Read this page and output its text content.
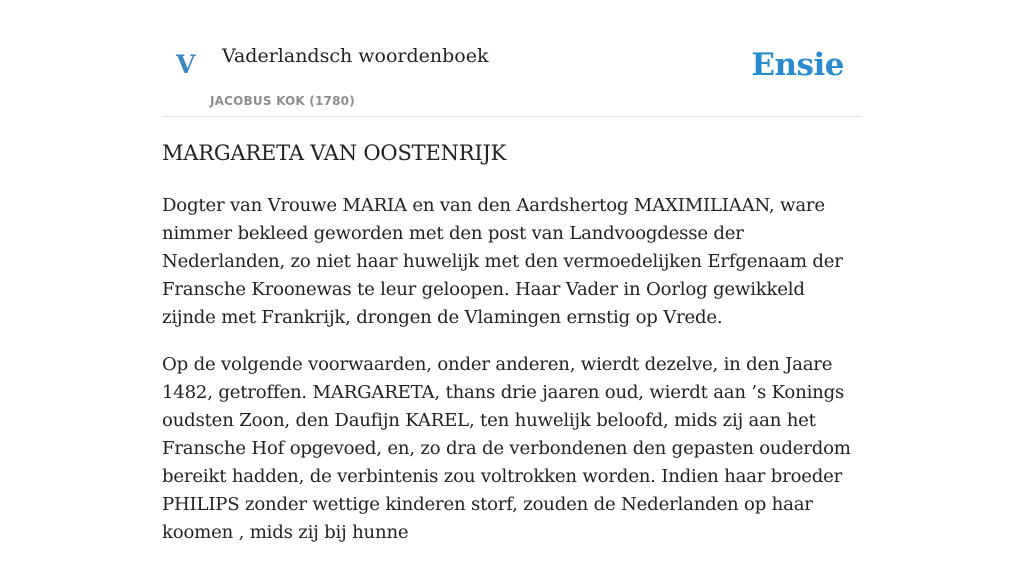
V Vaderlandsch woordenboek
JACOBUS KOK (1780)
Ensie
MARGARETA VAN OOSTENRIJK

Dogter van Vrouwe MARIA en van den Aardshertog MAXIMILIAAN, ware nimmer bekleed geworden met den post van Landvoogdesse der Nederlanden, zo niet haar huwelijk met den vermoedelijken Erfgenaam der Fransche Kroonewas te leur geloopen. Haar Vader in Oorlog gewikkeld zijnde met Frankrijk, drongen de Vlamingen ernstig op Vrede.

Op de volgende voorwaarden, onder anderen, wierdt dezelve, in den Jaare 1482, getroffen. MARGARETA, thans drie jaaren oud, wierdt aan ’s Konings oudsten Zoon, den Daufijn KAREL, ten huwelijk beloofd, mids zij aan het Fransche Hof opgevoed, en, zo dra de verbondenen den gepasten ouderdom bereikt hadden, de verbintenis zou voltrokken worden. Indien haar broeder PHILIPS zonder wettige kinderen storf, zouden de Nederlanden op haar koomen , mids zij bij hunne
